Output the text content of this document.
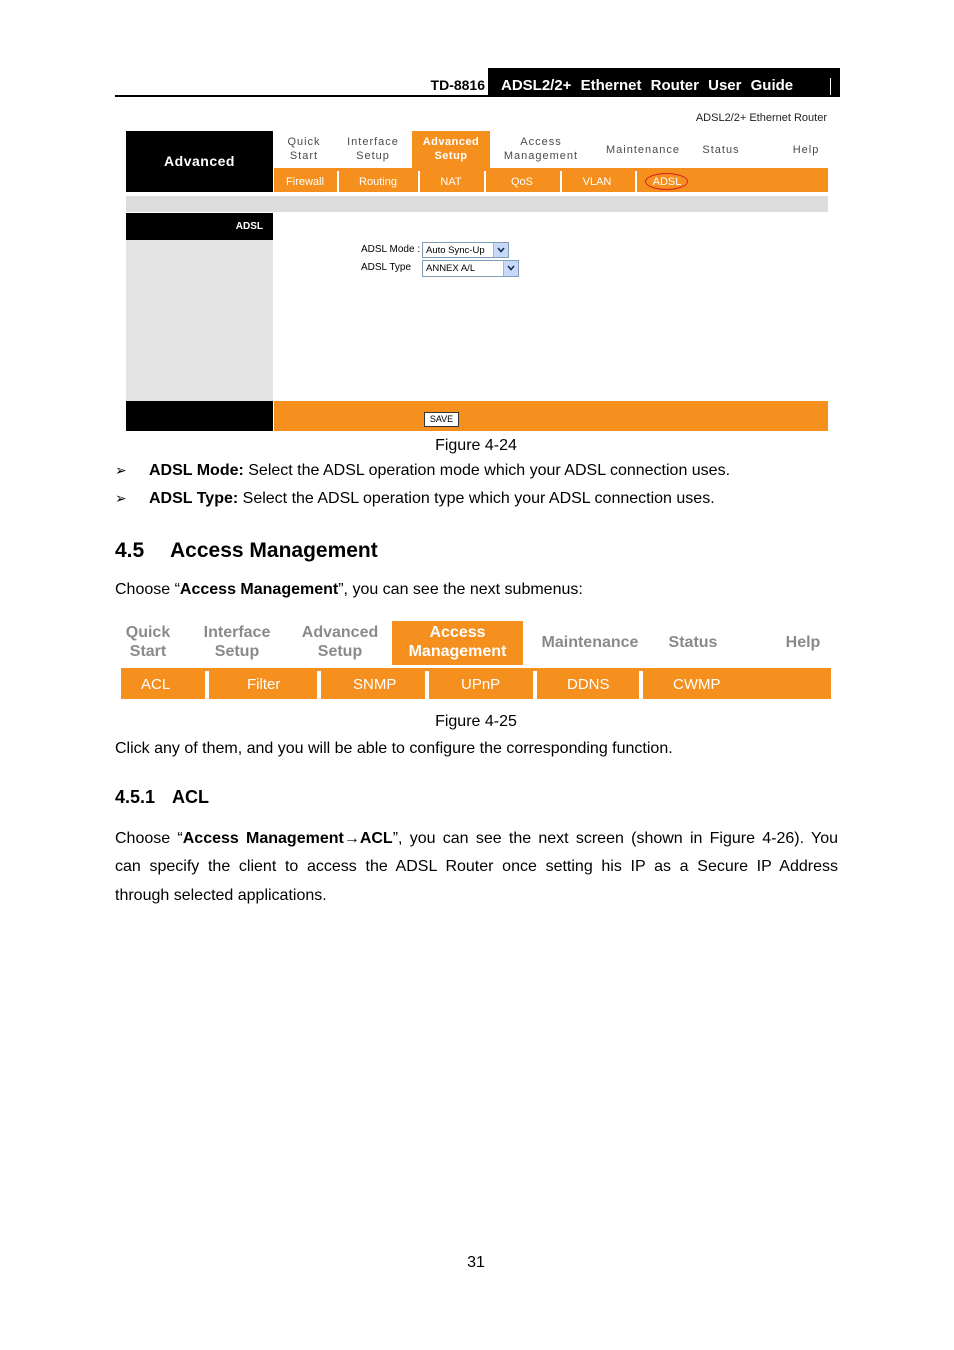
TD-8816 ADSL2/2+ Ethernet Router User Guide
ADSL2/2+ Ethernet Router
Advanced
Quick
Start
Interface
Setup
Advanced
Setup
Access
Management	Maintenance	Status	Help
Firewall	Routing	NAT	QoS	VLAN	ADSL
ADSL
ADSL Mode : Auto Sync-Up
ADSL Type ANNEX A/L
SAVE
Figure 4-24
➢ ADSL Mode: Select the ADSL operation mode which your ADSL connection uses.
➢ ADSL Type: Select the ADSL operation type which your ADSL connection uses.
4.5 Access Management
Choose “Access Management”, you can see the next submenus:
Quick
Start
Interface
Setup
Advanced
Setup
Access
Management
Maintenance	Status	Help
ACL	Filter	SNMP	UPnP	DDNS	CWMP
Figure 4-25
Click any of them, and you will be able to configure the corresponding function.
4.5.1 ACL
Choose “Access Management→ACL”, you can see the next screen (shown in Figure 4-26). You
can specify the client to access the ADSL Router once setting his IP as a Secure IP Address
through selected applications.
31
